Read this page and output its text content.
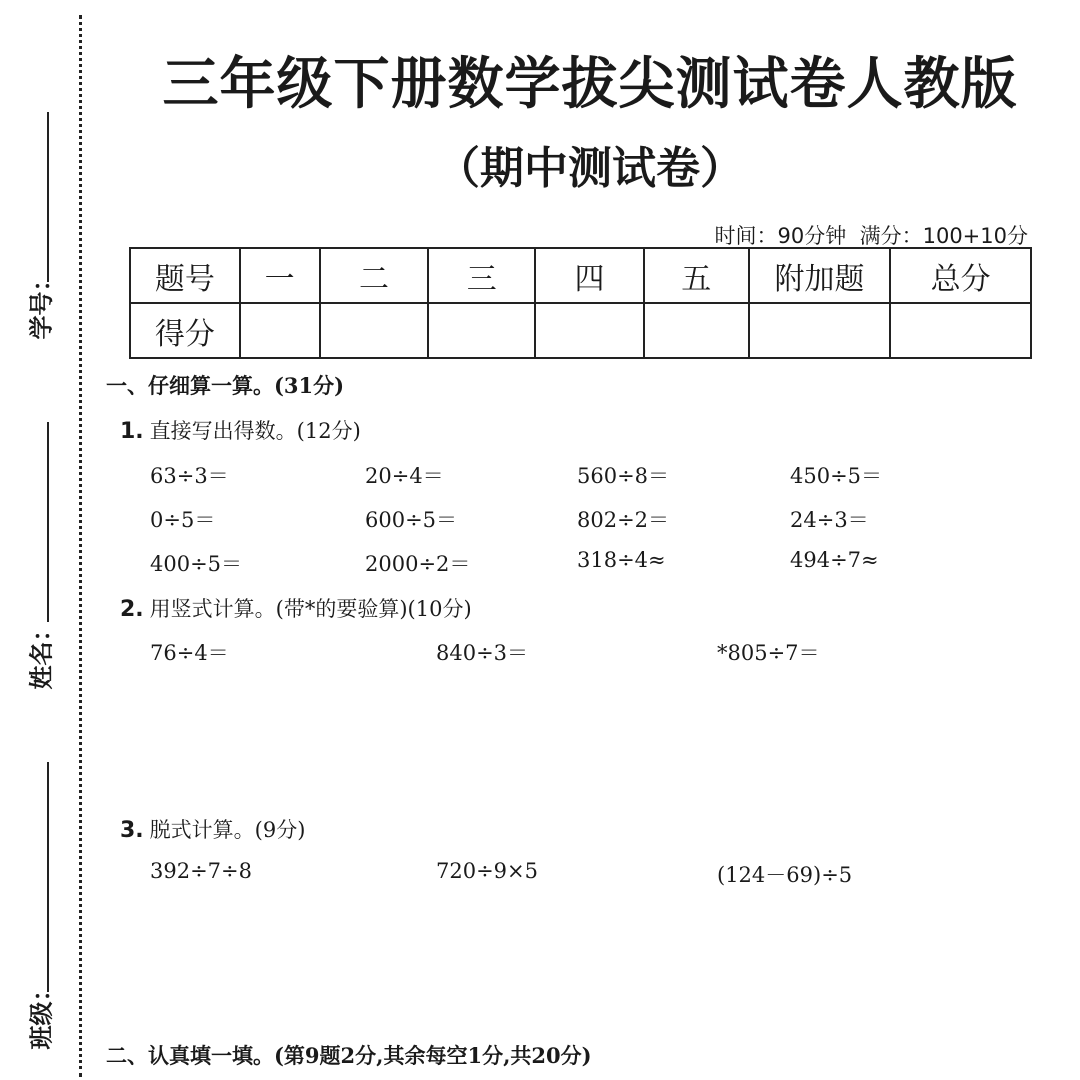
学号：
姓名：
班级：
三年级下册数学拔尖测试卷人教版
（期中测试卷）
时间：90分钟 满分：100+10分
题号	一	二	三	四	五	附加题	总分
得分							
一、仔细算一算。(31分)
1. 直接写出得数。(12分)
63÷3＝	20÷4＝	560÷8＝	450÷5＝
0÷5＝	600÷5＝	802÷2＝	24÷3＝
400÷5＝	2000÷2＝	318÷4≈	494÷7≈
2. 用竖式计算。(带*的要验算)(10分)
76÷4＝	840÷3＝	*805÷7＝
3. 脱式计算。(9分)
392÷7÷8	720÷9×5	(124－69)÷5
二、认真填一填。(第9题2分,其余每空1分,共20分)
